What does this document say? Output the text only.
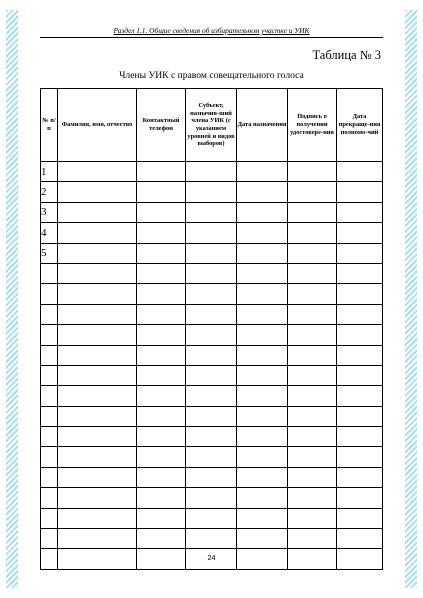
Раздел 1.1. Общие сведения об избирательном участке и УИК
Таблица № 3
Члены УИК с правом совещательного голоса
№ п/п	Фамилия, имя, отчество	Контактный телефон	Субъект, назначив-ший члена УИК (с указанием уровней и видов выборов)	Дата назначения	Подпись о получении удостовере-ния	Дата прекраще-ния полномо-чий
1						
2						
3						
4						
5						

24
